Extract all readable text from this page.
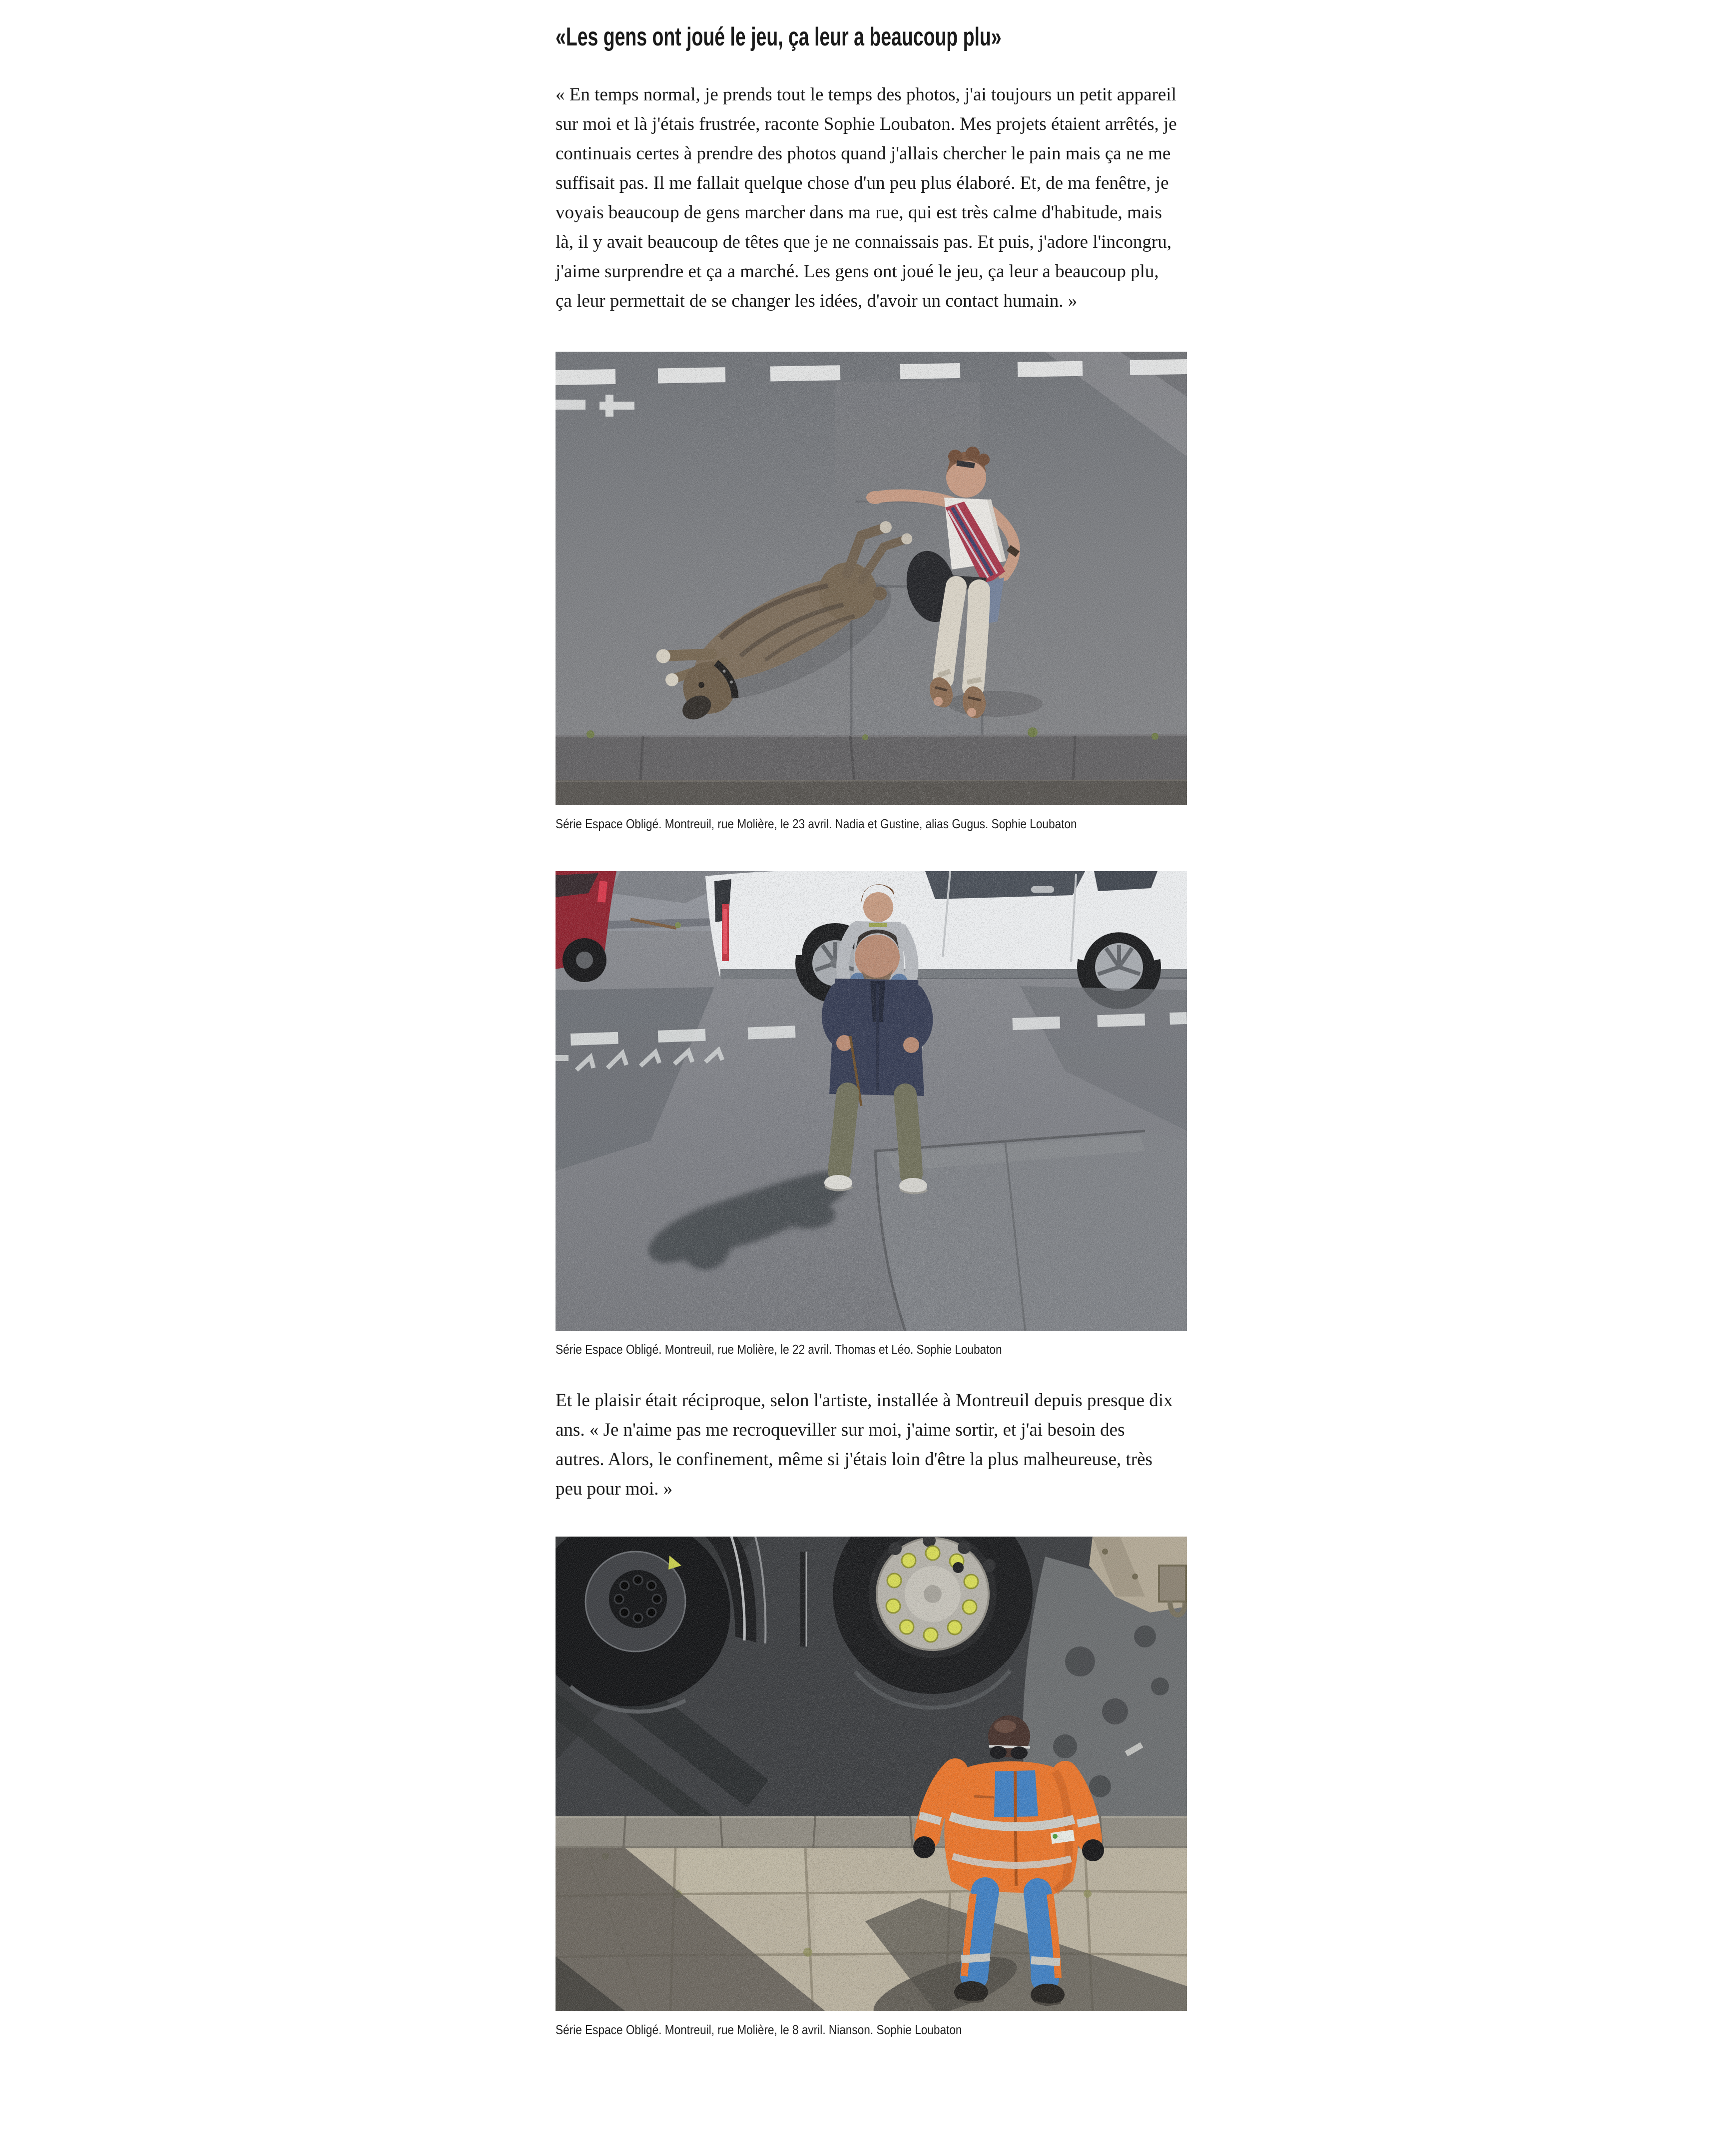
«Les gens ont joué le jeu, ça leur a beaucoup plu»

« En temps normal, je prends tout le temps des photos, j'ai toujours un petit appareil sur moi et là j'étais frustrée, raconte Sophie Loubaton. Mes projets étaient arrêtés, je continuais certes à prendre des photos quand j'allais chercher le pain mais ça ne me suffisait pas. Il me fallait quelque chose d'un peu plus élaboré. Et, de ma fenêtre, je voyais beaucoup de gens marcher dans ma rue, qui est très calme d'habitude, mais là, il y avait beaucoup de têtes que je ne connaissais pas. Et puis, j'adore l'incongru, j'aime surprendre et ça a marché. Les gens ont joué le jeu, ça leur a beaucoup plu, ça leur permettait de se changer les idées, d'avoir un contact humain. »

Série Espace Obligé. Montreuil, rue Molière, le 23 avril. Nadia et Gustine, alias Gugus. Sophie Loubaton
Série Espace Obligé. Montreuil, rue Molière, le 22 avril. Thomas et Léo. Sophie Loubaton

Et le plaisir était réciproque, selon l'artiste, installée à Montreuil depuis presque dix ans. « Je n'aime pas me recroqueviller sur moi, j'aime sortir, et j'ai besoin des autres. Alors, le confinement, même si j'étais loin d'être la plus malheureuse, très peu pour moi. »

Série Espace Obligé. Montreuil, rue Molière, le 8 avril. Nianson. Sophie Loubaton
